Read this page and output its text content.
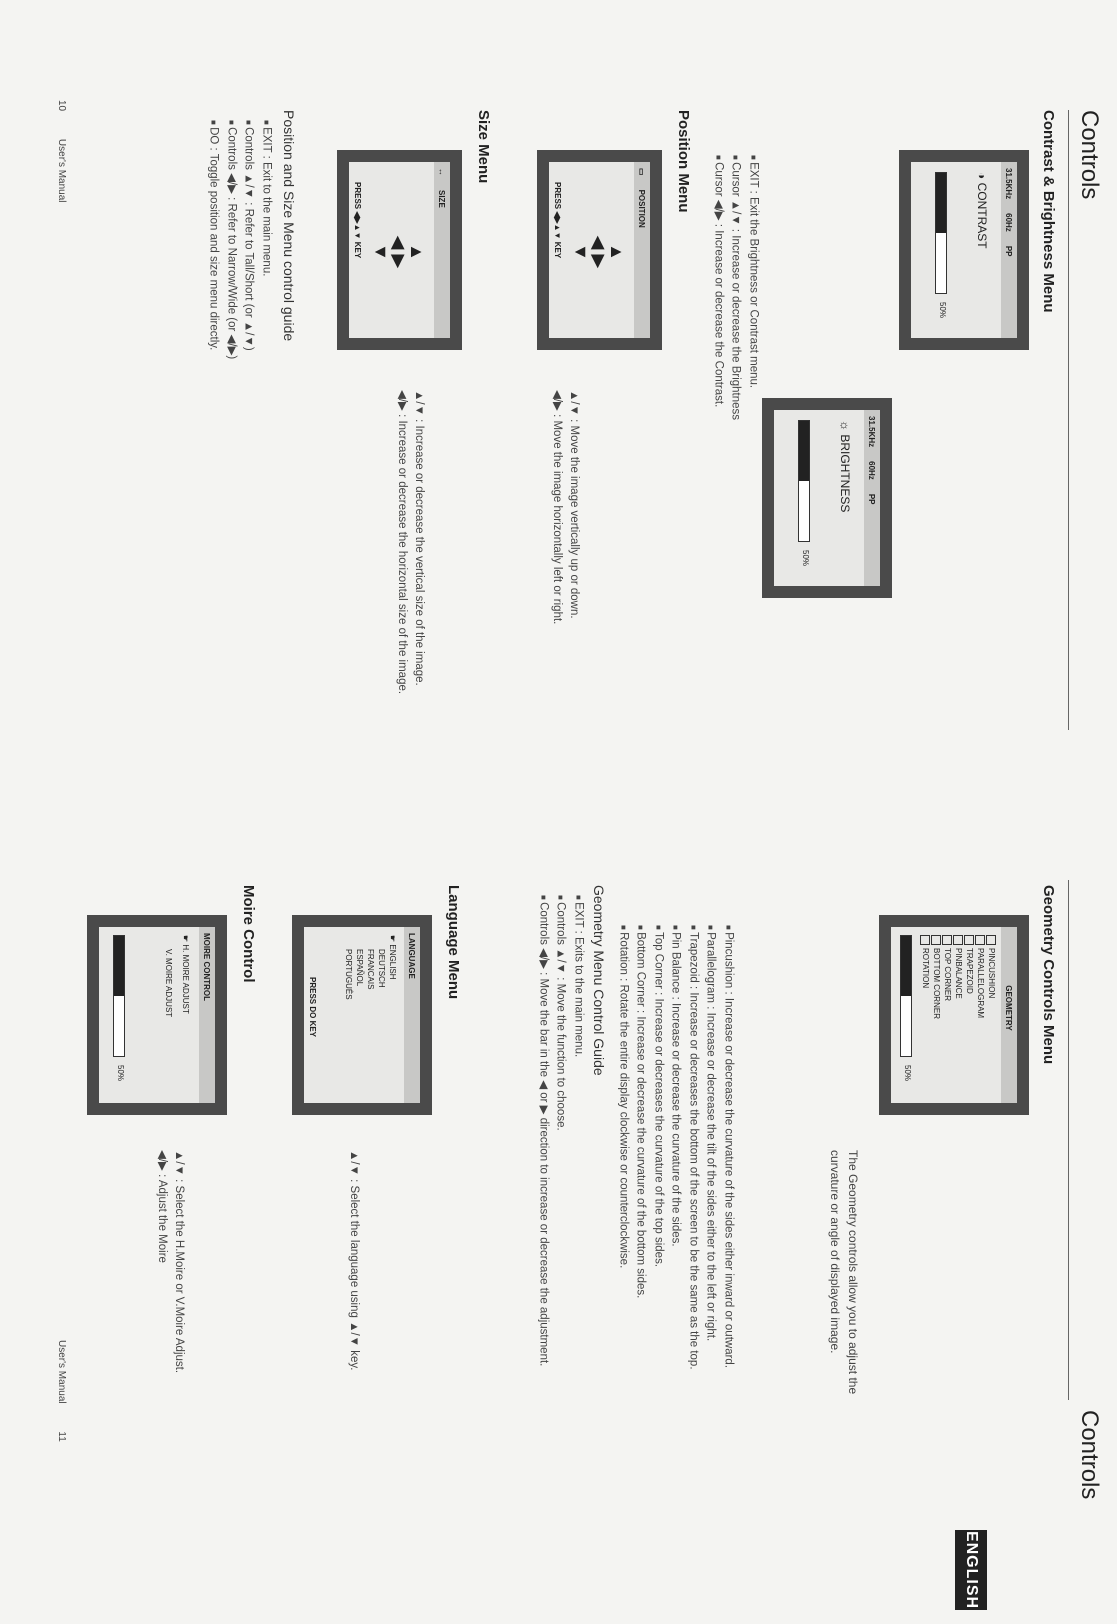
Controls
Contrast & Brightness Menu
31.5KHz
60Hz
PP
◑ CONTRAST
50%
31.5KHz
60Hz
PP
☼ BRIGHTNESS
50%
■ EXIT : Exit the Brightness or Contrast menu.
■ Cursor ▲/▼ : Increase or decrease the Brightness
■ Cursor ◀/▶ : Increase or decrease the Contrast.
Position Menu
▭
POSITION
▲
◀ ▶
▼
PRESS ◀▶▲▼ KEY
▲/▼ : Move the image vertically up or down.
◀/▶ : Move the image horizontally left or right.
Size Menu
↔
SIZE
▲
◀ ▶
▼
PRESS ◀▶▲▼ KEY
▲/▼ : Increase or decrease the vertical size of the image.
◀/▶ : Increase or decrease the horizontal size of the image.
Position and Size Menu control guide
■ EXIT : Exit to the main menu.
■ Controls ▲/▼ : Refer to Tall/Short (or ▲/▼)
■ Controls ◀/▶ : Refer to Narrow/Wide (or ◀/▶)
■ DO : Toggle position and size menu directly.
10          User's Manual
Controls
Geometry Controls Menu
GEOMETRY
PINCUSHION
PARALLELOGRAM
TRAPEZOID
PINBALANCE
TOP CORNER
BOTTOM CORNER
ROTATION
50%
The Geometry controls allow you to adjust the curvature or angle of displayed image.
■ Pincushion : Increase or decrease the curvature of the sides either inward or outward.
■ Parallelogram : Increase or decrease the tilt of the sides either to the left or right.
■ Trapezoid : Increase or decreases the bottom of the screen to be the same as the top.
■ Pin Balance : Increase or decrease the curvature of the sides.
■ Top Corner : Increase or decreases the curvature of the top sides.
■ Bottom Corner : Increase or decrease the curvature of the bottom sides.
■ Rotation : Rotate the entire display clockwise or counterclockwise.
Geometry Menu Control Guide
■ EXIT : Exits to the main menu.
■ Controls ▲/▼ : Move the function to choose.
■ Controls ◀/▶ : Move the bar in the ◀ or ▶ direction to increase or decrease the adjustment.
Language Menu
LANGUAGE
☛ ENGLISH
DEUTSCH
FRANCAIS
ESPAÑOL
PORTUGUÊS
PRESS DO KEY
▲/▼ : Select the language using ▲/▼ key.
Moire Control
MOIRE CONTROL
☛ H. MOIRE ADJUST
V. MOIRE ADJUST
50%
▲/▼ : Select the H.Moire or V.Moire Adjust.
◀/▶ : Adjust the Moire
User's Manual          11
ENGLISH
